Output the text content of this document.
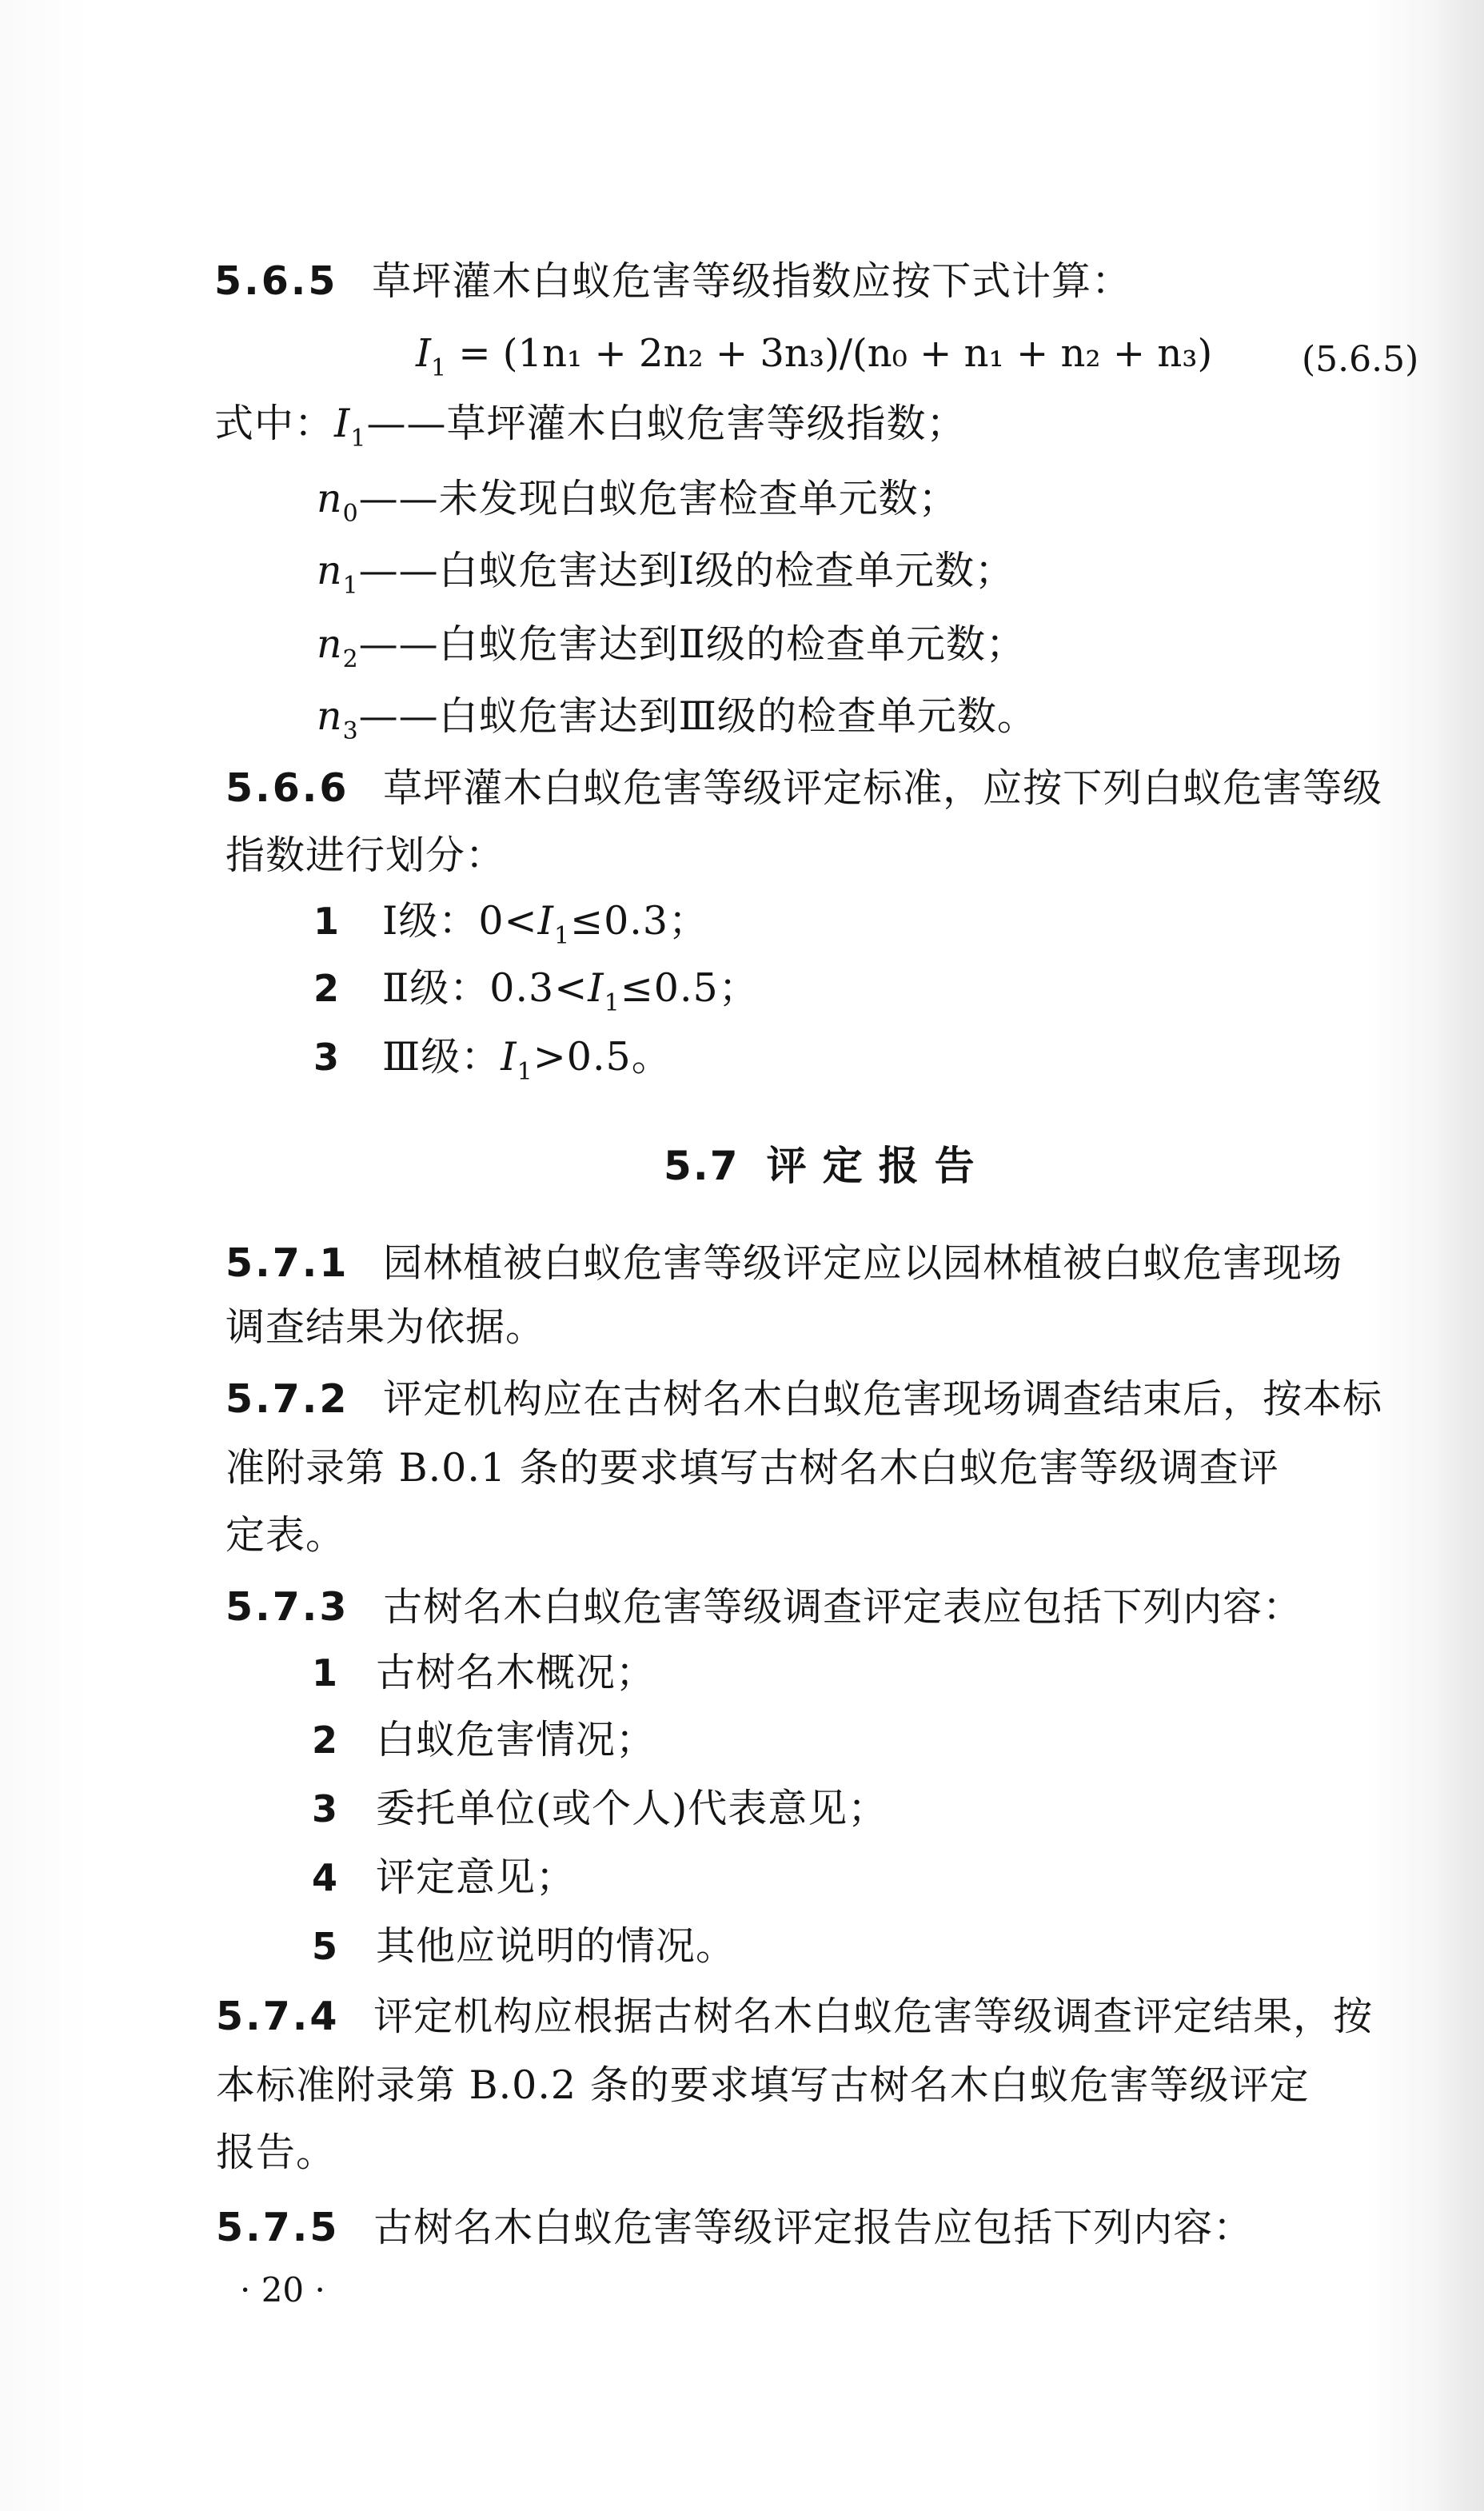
5.6.5 草坪灌木白蚁危害等级指数应按下式计算：
$I_1 = (1n_1 + 2n_2 + 3n_3)/(n_0 + n_1 + n_2 + n_3)$	(5.6.5)
式中：$I_1——$草坪灌木白蚁危害等级指数；
$n_0——$未发现白蚁危害检查单元数；
$n_1——$白蚁危害达到Ⅰ级的检查单元数；
$n_2——$白蚁危害达到Ⅱ级的检查单元数；
$n_3——$白蚁危害达到Ⅲ级的检查单元数。
5.6.6 草坪灌木白蚁危害等级评定标准，应按下列白蚁危害等级
指数进行划分：
1 Ⅰ级：$0<I_1\le 0.3$；
2 Ⅱ级：$0.3<I_1\le 0.5$；
3 Ⅲ级：$I_1>0.5$。
5.7 评定报告
5.7.1 园林植被白蚁危害等级评定应以园林植被白蚁危害现场
调查结果为依据。
5.7.2 评定机构应在古树名木白蚁危害现场调查结束后，按本标
准附录第 B.0.1 条的要求填写古树名木白蚁危害等级调查评
定表。
5.7.3 古树名木白蚁危害等级调查评定表应包括下列内容：
1 古树名木概况；
2 白蚁危害情况；
3 委托单位(或个人)代表意见；
4 评定意见；
5 其他应说明的情况。
5.7.4 评定机构应根据古树名木白蚁危害等级调查评定结果，按
本标准附录第 B.0.2 条的要求填写古树名木白蚁危害等级评定
报告。
5.7.5 古树名木白蚁危害等级评定报告应包括下列内容：
· 20 ·
